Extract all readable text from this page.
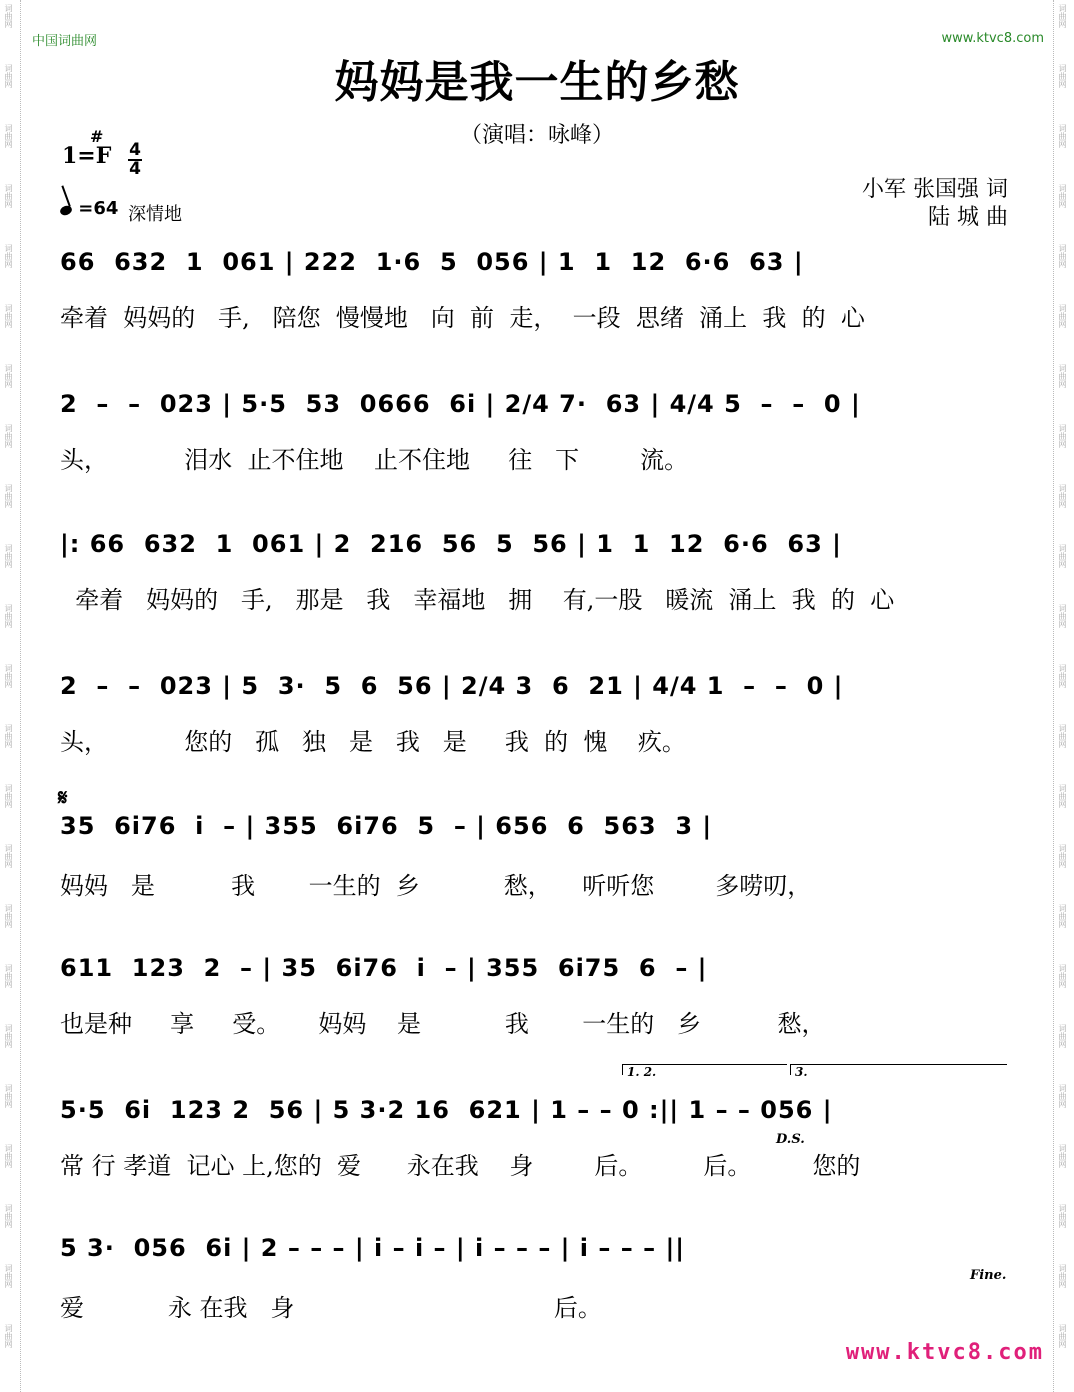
词曲网
词曲网
词曲网
词曲网
词曲网
词曲网
词曲网
词曲网
词曲网
词曲网
词曲网
词曲网
词曲网
词曲网
词曲网
词曲网
词曲网
词曲网
词曲网
词曲网
词曲网
词曲网
词曲网
词曲网
词曲网
词曲网
词曲网
词曲网
词曲网
词曲网
词曲网
词曲网
词曲网
词曲网
词曲网
词曲网
词曲网
词曲网
词曲网
词曲网
词曲网
词曲网
词曲网
词曲网
词曲网
词曲网
中国词曲网	www.ktvc8.com
妈妈是我一生的乡愁
（演唱：咏峰）
#
1=F 4
4
=64 深情地
小军 张国强 词
陆 城 曲
66  632  1  061 | 222  1·6  5  056 | 1  1  12  6·6  63 |
牵着  妈妈的   手,   陪您  慢慢地   向  前  走，  一段  思绪  涌上  我  的  心
2  –  –  023 | 5·5  53  0666  6i | 2/4 7·  63 | 4/4 5  –  –  0 |
头，          泪水  止不住地    止不住地     往   下        流。
|: 66  632  1  061 | 2  216  56  5  56 | 1  1  12  6·6  63 |
牵着   妈妈的   手,   那是   我   幸福地   拥    有,一股   暖流  涌上  我  的  心
2  –  –  023 | 5  3·  5  6  56 | 2/4 3  6  21 | 4/4 1  –  –  0 |
头，          您的   孤   独   是   我   是     我  的  愧    疚。
𝄋
35  6i76  i  – | 355  6i76  5  – | 656  6  563  3 |
妈妈   是          我       一生的  乡           愁，    听听您        多唠叨，
611  123  2  – | 35  6i76  i  – | 355  6i75  6  – |
也是种     享     受。     妈妈    是           我       一生的   乡          愁，
1. 2.	3.
5·5  6i  123 2  56 | 5 3·2 16  621 | 1 – – 0 :|| 1 – – 056 |
常 行 孝道  记心 上,您的  爱      永在我    身        后。        后。        您的
D.S.
5 3·  056  6i | 2 – – – | i – i – | i – – – | i – – – ||
爱           永 在我   身                                  后。
Fine.
www.ktvc8.com
